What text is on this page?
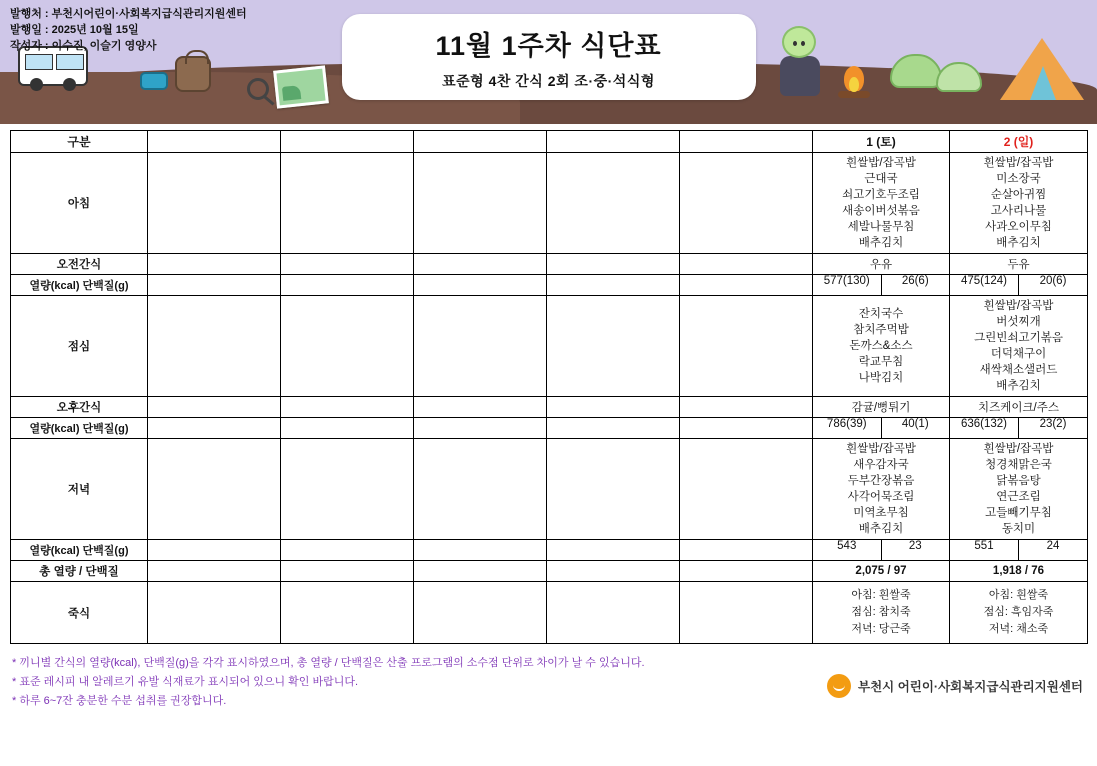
발행처 : 부천시어린이·사회복지급식관리지원센터
발행일 : 2025년 10월 15일
작성자 : 이수진, 이슬기 영양사	11월 1주차 식단표
표준형 4찬 간식 2회 조·중·석식형
구분						1 (토)	2 (일)
아침						흰쌀밥/잡곡밥
근대국
쇠고기호두조림
새송이버섯볶음
세발나물무침
배추김치	흰쌀밥/잡곡밥
미소장국
순살아귀찜
고사리나물
사과오이무침
배추김치
오전간식						우유	두유
열량(kcal) 단백질(g)						577(130)	26(6)	475(124)	20(6)

점심						잔치국수
참치주먹밥
돈까스&소스
락교무침
나박김치	흰쌀밥/잡곡밥
버섯찌개
그린빈쇠고기볶음
더덕채구이
새싹채소샐러드
배추김치
오후간식						감귤/뻥튀기	치즈케이크/주스
열량(kcal) 단백질(g)						786(39)	40(1)	636(132)	23(2)

저녁						흰쌀밥/잡곡밥
새우감자국
두부간장볶음
사각어묵조림
미역초무침
배추김치	흰쌀밥/잡곡밥
청경채맑은국
닭볶음탕
연근조림
고들빼기무침
동치미
열량(kcal) 단백질(g)						543	23	551	24

총 열량 / 단백질						2,075 / 97	1,918 / 76
죽식						아침: 흰쌀죽
점심: 참치죽
저녁: 당근죽	아침: 흰쌀죽
점심: 흑임자죽
저녁: 채소죽
* 끼니별 간식의 열량(kcal), 단백질(g)을 각각 표시하였으며, 총 열량 / 단백질은 산출 프로그램의 소수점 단위로 차이가 날 수 있습니다.
* 표준 레시피 내 알레르기 유발 식재료가 표시되어 있으니 확인 바랍니다.
* 하루 6~7잔 충분한 수분 섭취를 권장합니다.
부천시 어린이·사회복지급식관리지원센터
